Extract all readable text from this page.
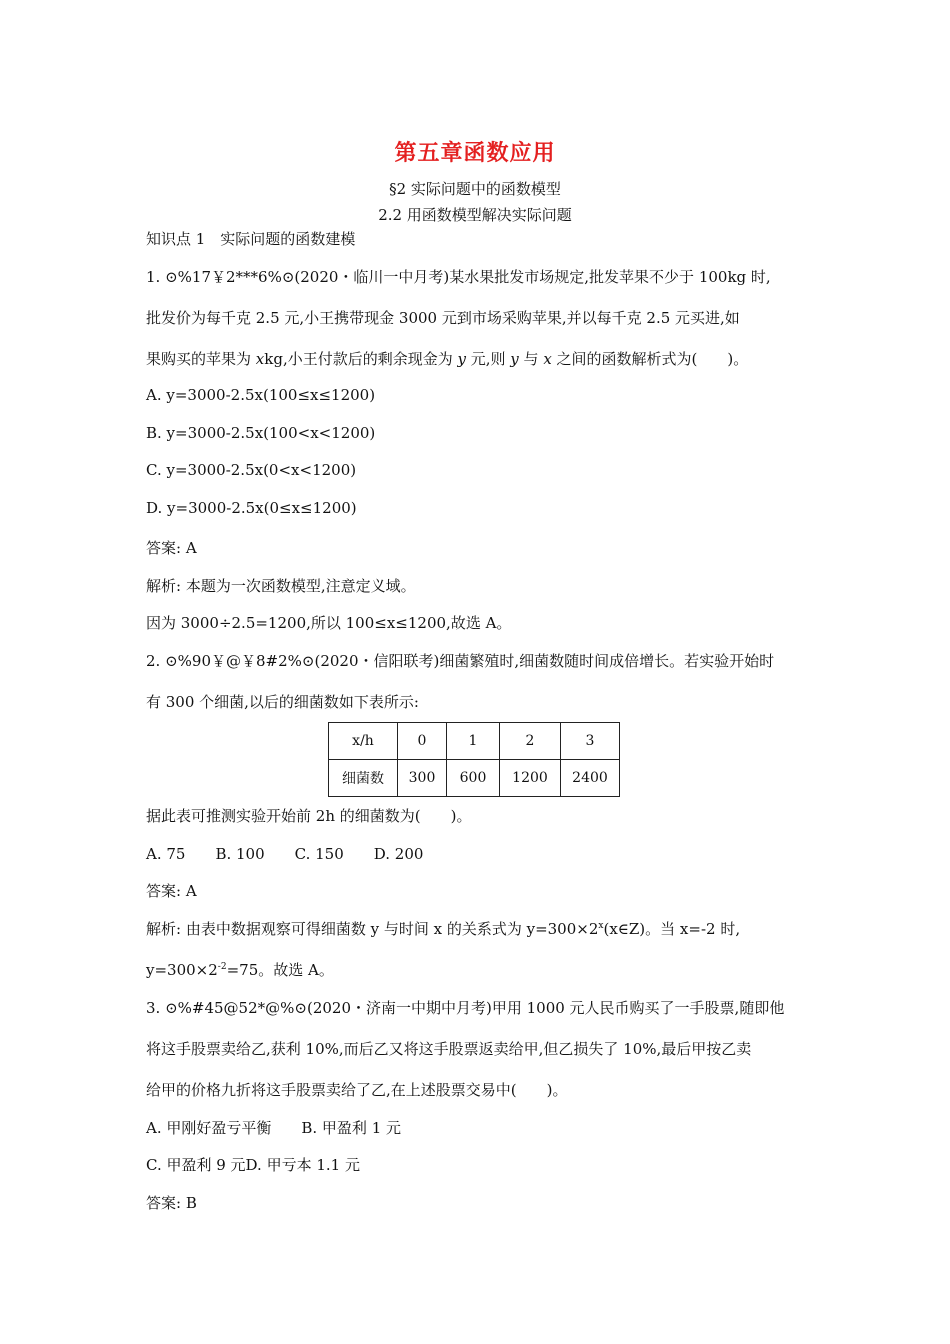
第五章函数应用
§2 实际问题中的函数模型
2.2 用函数模型解决实际问题
知识点 1　实际问题的函数建模
1. ⊙%17￥2***6%⊙(2020・临川一中月考)某水果批发市场规定,批发苹果不少于 100kg 时,
批发价为每千克 2.5 元,小王携带现金 3000 元到市场采购苹果,并以每千克 2.5 元买进,如
果购买的苹果为 xkg,小王付款后的剩余现金为 y 元,则 y 与 x 之间的函数解析式为(　　)。
A. y=3000-2.5x(100≤x≤1200)
B. y=3000-2.5x(100<x<1200)
C. y=3000-2.5x(0<x<1200)
D. y=3000-2.5x(0≤x≤1200)
答案: A
解析: 本题为一次函数模型,注意定义域。
因为 3000÷2.5=1200,所以 100≤x≤1200,故选 A。
2. ⊙%90￥@￥8#2%⊙(2020・信阳联考)细菌繁殖时,细菌数随时间成倍增长。若实验开始时
有 300 个细菌,以后的细菌数如下表所示:
x/h	0	1	2	3
细菌数	300	600	1200	2400
据此表可推测实验开始前 2h 的细菌数为(　　)。
A. 75　　B. 100　　C. 150　　D. 200
答案: A
解析: 由表中数据观察可得细菌数 y 与时间 x 的关系式为 $y=300\times 2^x(x\in Z)$。当 x=-2 时,
$y=300\times 2^{-2}=75$。故选 A。
3. ⊙%#45@52*@%⊙(2020・济南一中期中月考)甲用 1000 元人民币购买了一手股票,随即他
将这手股票卖给乙,获利 10%,而后乙又将这手股票返卖给甲,但乙损失了 10%,最后甲按乙卖
给甲的价格九折将这手股票卖给了乙,在上述股票交易中(　　)。
A. 甲刚好盈亏平衡　　B. 甲盈利 1 元
C. 甲盈利 9 元D. 甲亏本 1.1 元
答案: B
